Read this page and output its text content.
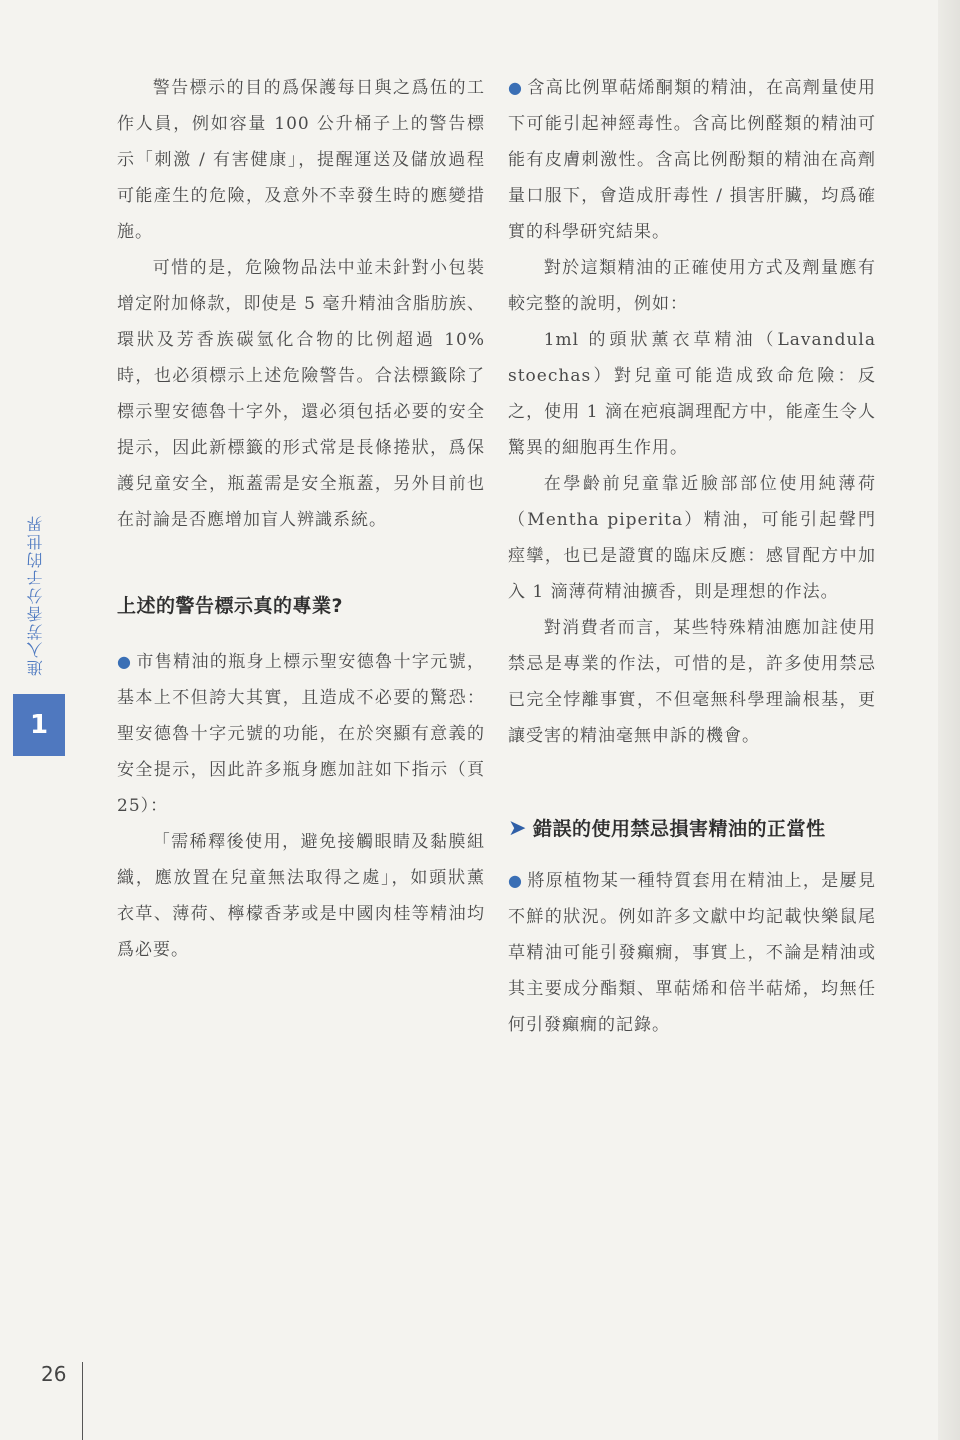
進入芳香分子的世界
1

警告標示的目的爲保護每日與之爲伍的工作人員，例如容量 100 公升桶子上的警告標示「刺激 / 有害健康」，提醒運送及儲放過程可能產生的危險，及意外不幸發生時的應變措施。

可惜的是，危險物品法中並未針對小包裝增定附加條款，即使是 5 毫升精油含脂肪族、環狀及芳香族碳氫化合物的比例超過 10% 時，也必須標示上述危險警告。合法標籤除了標示聖安德魯十字外，還必須包括必要的安全提示，因此新標籤的形式常是長條捲狀，爲保護兒童安全，瓶蓋需是安全瓶蓋，另外目前也在討論是否應增加盲人辨識系統。

上述的警告標示真的專業?

● 市售精油的瓶身上標示聖安德魯十字元號，基本上不但誇大其實，且造成不必要的驚恐：聖安德魯十字元號的功能，在於突顯有意義的安全提示，因此許多瓶身應加註如下指示（頁 25）：

「需稀釋後使用，避免接觸眼睛及黏膜組織，應放置在兒童無法取得之處」，如頭狀薰衣草、薄荷、檸檬香茅或是中國肉桂等精油均爲必要。

● 含高比例單萜烯酮類的精油，在高劑量使用下可能引起神經毒性。含高比例醛類的精油可能有皮膚刺激性。含高比例酚類的精油在高劑量口服下，會造成肝毒性 / 損害肝臟，均爲確實的科學研究結果。

對於這類精油的正確使用方式及劑量應有較完整的說明，例如：

1ml 的頭狀薰衣草精油（Lavandula stoechas）對兒童可能造成致命危險：反之，使用 1 滴在疤痕調理配方中，能產生令人驚異的細胞再生作用。

在學齡前兒童靠近臉部部位使用純薄荷（Mentha piperita）精油，可能引起聲門痙攣，也已是證實的臨床反應：感冒配方中加入 1 滴薄荷精油擴香，則是理想的作法。

對消費者而言，某些特殊精油應加註使用禁忌是專業的作法，可惜的是，許多使用禁忌已完全悖離事實，不但毫無科學理論根基，更讓受害的精油毫無申訴的機會。

➤ 錯誤的使用禁忌損害精油的正當性

● 將原植物某一種特質套用在精油上，是屢見不鮮的狀況。例如許多文獻中均記載快樂鼠尾草精油可能引發癲癇，事實上，不論是精油或其主要成分酯類、單萜烯和倍半萜烯，均無任何引發癲癇的記錄。

26
